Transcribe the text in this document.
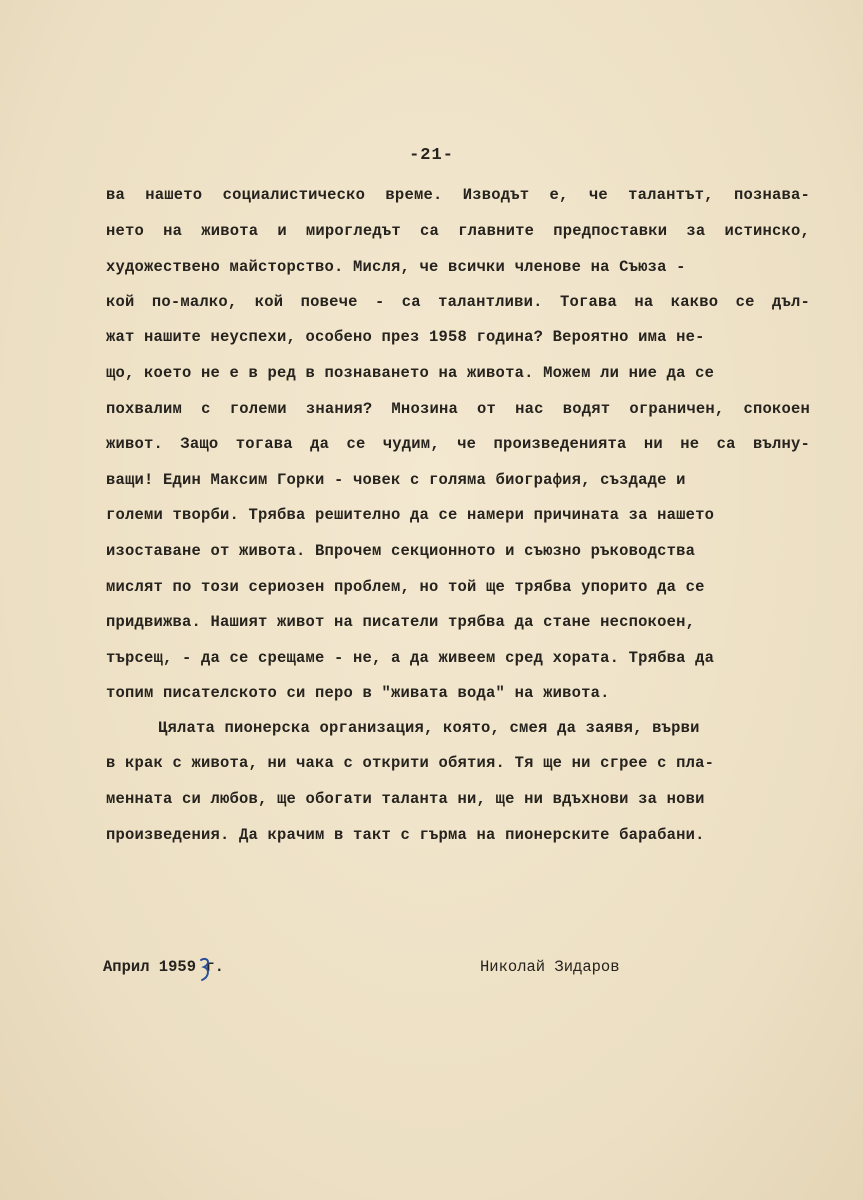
-21-
ва нашето социалистическо време. Изводът е, че талантът, познава-
нето на живота и мирогледът са главните предпоставки за истинско,
художествено майсторство. Мисля, че всички членове на Съюза -
кой по-малко, кой повече - са талантливи. Тогава на какво се дъл-
жат нашите неуспехи, особено през 1958 година? Вероятно има не-
що, което не е в ред в познаването на живота. Можем ли ние да се
похвалим с големи знания? Мнозина от нас водят ограничен, спокоен
живот. Защо тогава да се чудим, че произведенията ни не са вълну-
ващи! Един Максим Горки - човек с голяма биография, създаде и
големи творби. Трябва решително да се намери причината за нашето
изоставане от живота. Впрочем секционното и съюзно ръководства
мислят по този сериозен проблем, но той ще трябва упорито да се
придвижва. Нашият живот на писатели трябва да стане неспокоен,
търсещ, - да се срещаме - не, а да живеем сред хората. Трябва да
топим писателското си перо в "живата вода" на живота.
Цялата пионерска организация, която, смея да заявя, върви
в крак с живота, ни чака с открити обятия. Тя ще ни сгрее с пла-
менната си любов, ще обогати таланта ни, ще ни вдъхнови за нови
произведения. Да крачим в такт с гърма на пионерските барабани.
Април 1959 г.	Николай Зидаров
